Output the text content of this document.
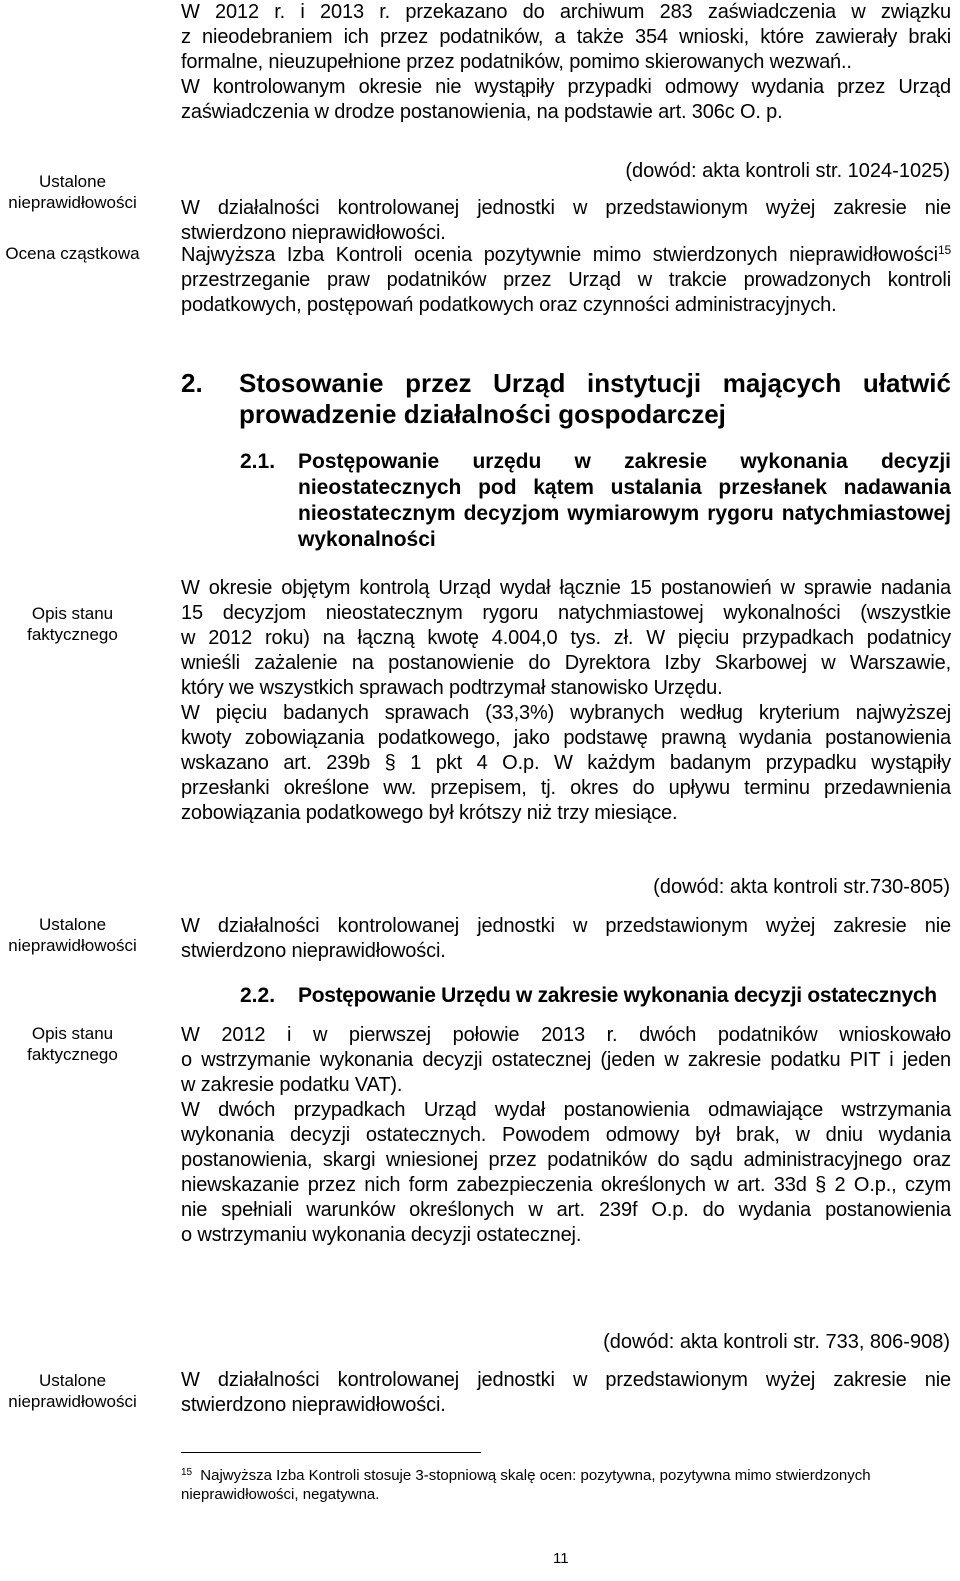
Ustalone nieprawidłowości
Ocena cząstkowa
Opis stanu faktycznego
Ustalone nieprawidłowości
Opis stanu faktycznego
Ustalone nieprawidłowości
W 2012 r. i 2013 r. przekazano do archiwum 283 zaświadczenia w związku
z nieodebraniem ich przez podatników, a także 354 wnioski, które zawierały braki
formalne, nieuzupełnione przez podatników, pomimo skierowanych wezwań..
W kontrolowanym okresie nie wystąpiły przypadki odmowy wydania przez Urząd
zaświadczenia w drodze postanowienia, na podstawie art. 306c O. p.
(dowód: akta kontroli str. 1024-1025)
W działalności kontrolowanej jednostki w przedstawionym wyżej zakresie nie
stwierdzono nieprawidłowości.
Najwyższa Izba Kontroli ocenia pozytywnie mimo stwierdzonych nieprawidłowości$^{15}$
przestrzeganie praw podatników przez Urząd w trakcie prowadzonych kontroli
podatkowych, postępowań podatkowych oraz czynności administracyjnych.
2.	Stosowanie przez Urząd instytucji mających ułatwić
prowadzenie działalności gospodarczej
2.1. Postępowanie urzędu w zakresie wykonania decyzji
nieostatecznych pod kątem ustalania przesłanek nadawania
nieostatecznym decyzjom wymiarowym rygoru natychmiastowej
wykonalności
W okresie objętym kontrolą Urząd wydał łącznie 15 postanowień w sprawie nadania
15 decyzjom nieostatecznym rygoru natychmiastowej wykonalności (wszystkie
w 2012 roku) na łączną kwotę 4.004,0 tys. zł. W pięciu przypadkach podatnicy
wnieśli zażalenie na postanowienie do Dyrektora Izby Skarbowej w Warszawie,
który we wszystkich sprawach podtrzymał stanowisko Urzędu.
W pięciu badanych sprawach (33,3%) wybranych według kryterium najwyższej
kwoty zobowiązania podatkowego, jako podstawę prawną wydania postanowienia
wskazano art. 239b § 1 pkt 4 O.p. W każdym badanym przypadku wystąpiły
przesłanki określone ww. przepisem, tj. okres do upływu terminu przedawnienia
zobowiązania podatkowego był krótszy niż trzy miesiące.
(dowód: akta kontroli str.730-805)
W działalności kontrolowanej jednostki w przedstawionym wyżej zakresie nie
stwierdzono nieprawidłowości.
2.2. Postępowanie Urzędu w zakresie wykonania decyzji ostatecznych
W 2012 i w pierwszej połowie 2013 r. dwóch podatników wnioskowało
o wstrzymanie wykonania decyzji ostatecznej (jeden w zakresie podatku PIT i jeden
w zakresie podatku VAT).
W dwóch przypadkach Urząd wydał postanowienia odmawiające wstrzymania
wykonania decyzji ostatecznych. Powodem odmowy był brak, w dniu wydania
postanowienia, skargi wniesionej przez podatników do sądu administracyjnego oraz
niewskazanie przez nich form zabezpieczenia określonych w art. 33d § 2 O.p., czym
nie spełniali warunków określonych w art. 239f O.p. do wydania postanowienia
o wstrzymaniu wykonania decyzji ostatecznej.
(dowód: akta kontroli str. 733, 806-908)
W działalności kontrolowanej jednostki w przedstawionym wyżej zakresie nie
stwierdzono nieprawidłowości.
$^{15}$ Najwyższa Izba Kontroli stosuje 3-stopniową skalę ocen: pozytywna, pozytywna mimo stwierdzonych nieprawidłowości, negatywna.
11
